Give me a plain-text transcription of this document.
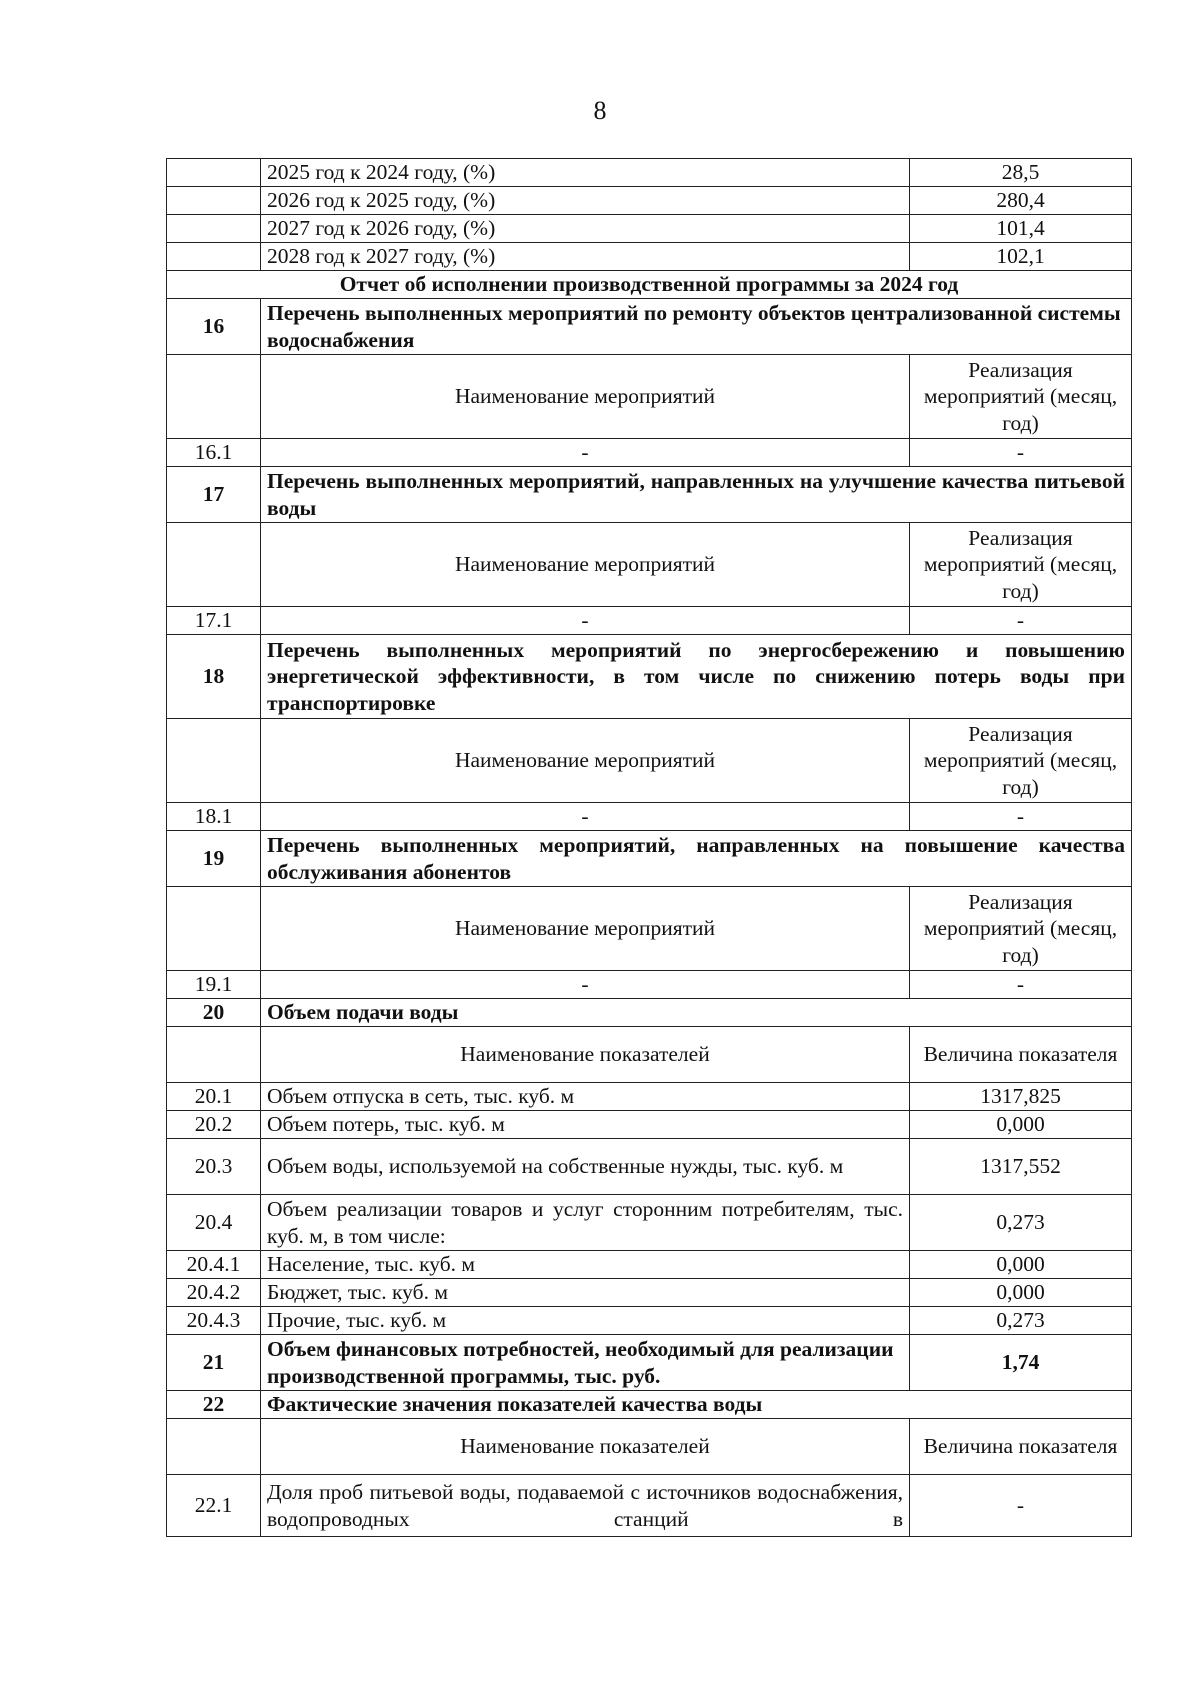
8
	2025 год к 2024 году, (%)	28,5
	2026 год к 2025 году, (%)	280,4
	2027 год к 2026 году, (%)	101,4
	2028 год к 2027 году, (%)	102,1
Отчет об исполнении производственной программы за 2024 год		
16	Перечень выполненных мероприятий по ремонту объектов централизованной системы водоснабжения	
	Наименование мероприятий	Реализация мероприятий (месяц, год)
16.1	-	-
17	Перечень выполненных мероприятий, направленных на улучшение качества питьевой воды	
	Наименование мероприятий	Реализация мероприятий (месяц, год)
17.1	-	-
18	Перечень выполненных мероприятий по энергосбережению и повышению энергетической эффективности, в том числе по снижению потерь воды при транспортировке	
	Наименование мероприятий	Реализация мероприятий (месяц, год)
18.1	-	-
19	Перечень выполненных мероприятий, направленных на повышение качества обслуживания абонентов	
	Наименование мероприятий	Реализация мероприятий (месяц, год)
19.1	-	-
20	Объем подачи воды	
	Наименование показателей	Величина показателя
20.1	Объем отпуска в сеть, тыс. куб. м	1317,825
20.2	Объем потерь, тыс. куб. м	0,000
20.3	Объем воды, используемой на собственные нужды, тыс. куб. м	1317,552
20.4	Объем реализации товаров и услуг сторонним потребителям, тыс. куб. м, в том числе:	0,273
20.4.1	Население, тыс. куб. м	0,000
20.4.2	Бюджет, тыс. куб. м	0,000
20.4.3	Прочие, тыс. куб. м	0,273
21	Объем финансовых потребностей, необходимый для реализации производственной программы, тыс. руб.	1,74
22	Фактические значения показателей качества воды	
	Наименование показателей	Величина показателя
22.1	Доля проб питьевой воды, подаваемой с источников водоснабжения, водопроводных станций в	-
